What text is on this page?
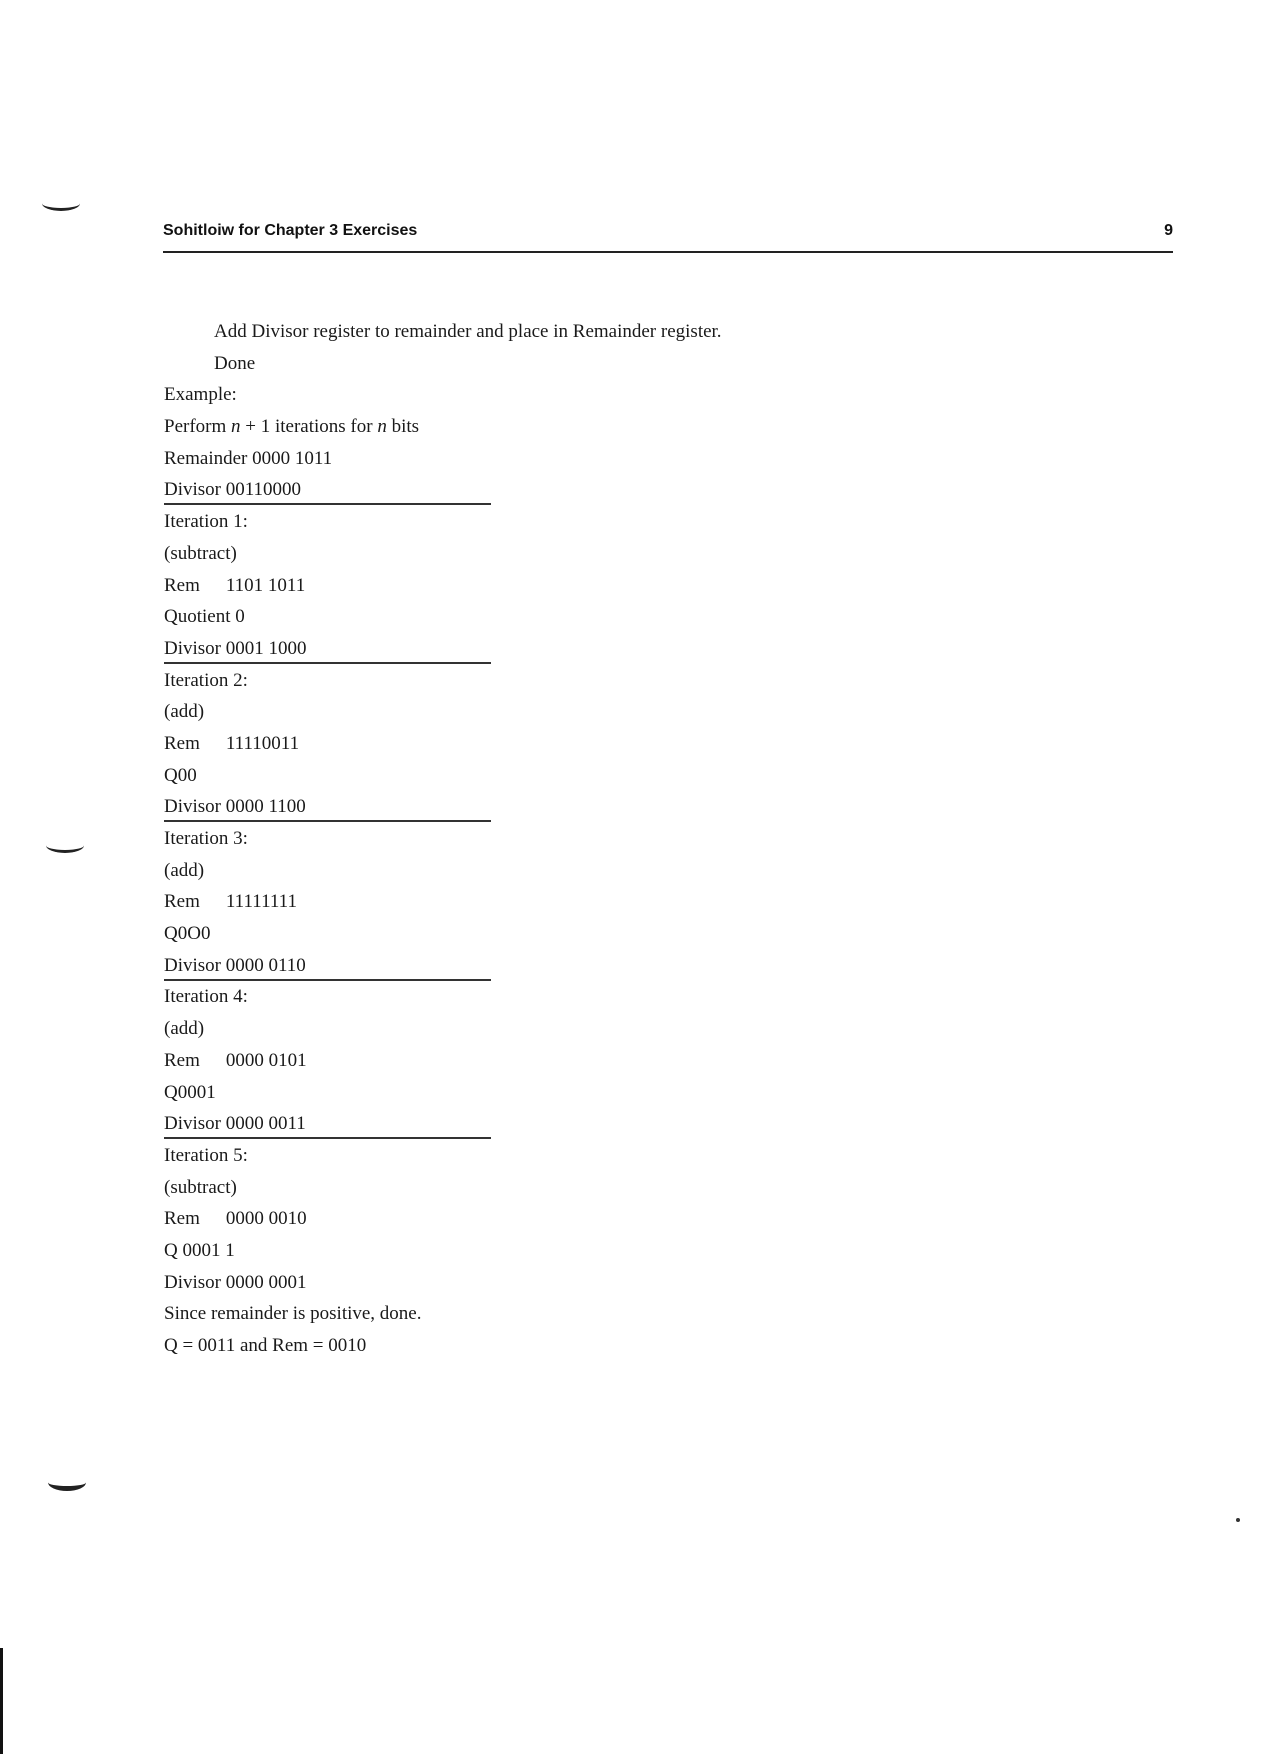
Sohitloiw for Chapter 3 Exercises	9
Add Divisor register to remainder and place in Remainder register.
Done
Example:
Perform n + 1 iterations for n bits
Remainder 0000 1011
Divisor 00110000
Iteration 1:
(subtract)
Rem 1101 1011
Quotient 0
Divisor 0001 1000
Iteration 2:
(add)
Rem 11110011
Q00
Divisor 0000 1100
Iteration 3:
(add)
Rem 11111111
Q0O0
Divisor 0000 0110
Iteration 4:
(add)
Rem 0000 0101
Q0001
Divisor 0000 0011
Iteration 5:
(subtract)
Rem 0000 0010
Q 0001 1
Divisor 0000 0001
Since remainder is positive, done.
Q = 0011 and Rem = 0010
